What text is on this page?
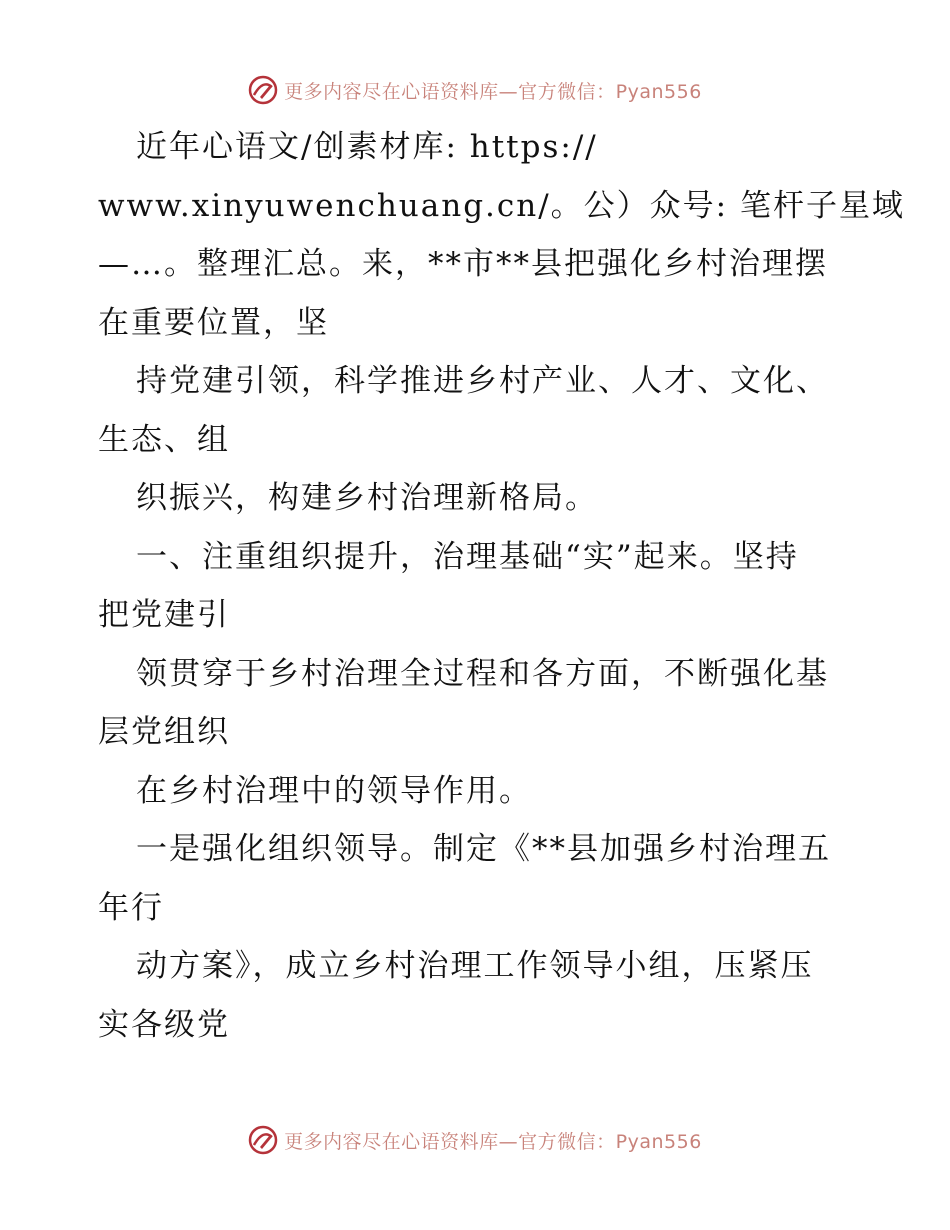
更多内容尽在心语资料库—官方微信：Pyan556
近年心语文/创素材库: https://
www.xinyuwenchuang.cn/。公）众号: 笔杆子星域
—…。整理汇总。来，**市**县把强化乡村治理摆
在重要位置，坚
持党建引领，科学推进乡村产业、人才、文化、
生态、组
织振兴，构建乡村治理新格局。
一、注重组织提升，治理基础“实”起来。坚持
把党建引
领贯穿于乡村治理全过程和各方面，不断强化基
层党组织
在乡村治理中的领导作用。
一是强化组织领导。制定《**县加强乡村治理五
年行
动方案》，成立乡村治理工作领导小组，压紧压
实各级党
更多内容尽在心语资料库—官方微信：Pyan556
